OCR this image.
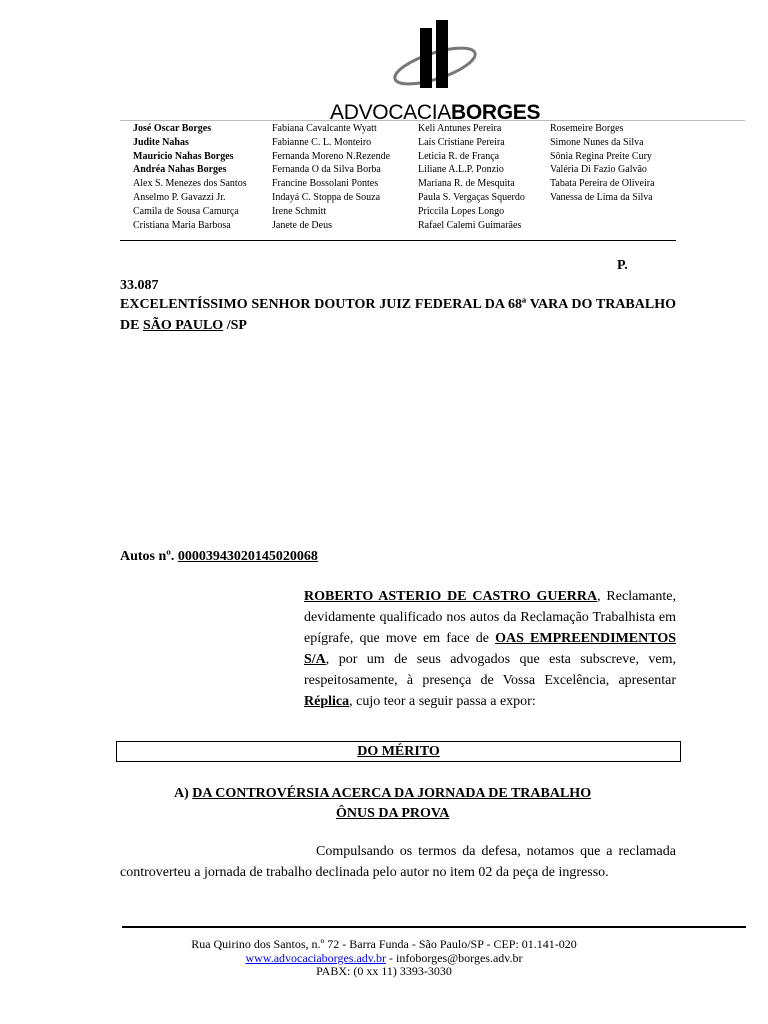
ADVOCACIABORGES
José Oscar Borges
Judite Nahas
Mauricio Nahas Borges
Andréa Nahas Borges
Alex S. Menezes dos Santos
Anselmo P. Gavazzi Jr.
Camila de Sousa Camurça
Cristiana Maria Barbosa
Fabiana Cavalcante Wyatt
Fabianne C. L. Monteiro
Fernanda Moreno N.Rezende
Fernanda O da Silva Borba
Francine Bossolani Pontes
Indayá C. Stoppa de Souza
Irene Schmitt
Janete de Deus
Keli Antunes Pereira
Laís Cristiane Pereira
Leticia R. de França
Liliane A.L.P. Ponzio
Mariana R. de Mesquita
Paula S. Vergaças Squerdo
Priccila Lopes Longo
Rafael Calemi Guimarães
Rosemeire Borges
Simone Nunes da Silva
Sônia Regina Preite Cury
Valéria Di Fazio Galvão
Tabata Pereira de Oliveira
Vanessa de Lima da Silva
P.
33.087
EXCELENTÍSSIMO SENHOR DOUTOR JUIZ FEDERAL DA 68ª VARA DO TRABALHO DE SÃO PAULO /SP
Autos nº. 00003943020145020068
ROBERTO ASTERIO DE CASTRO GUERRA, Reclamante, devidamente qualificado nos autos da Reclamação Trabalhista em epígrafe, que move em face de OAS EMPREENDIMENTOS S/A, por um de seus advogados que esta subscreve, vem, respeitosamente, à presença de Vossa Excelência, apresentar Réplica, cujo teor a seguir passa a expor:
DO MÉRITO
A) DA CONTROVÉRSIA ACERCA DA JORNADA DE TRABALHO
ÔNUS DA PROVA
Compulsando os termos da defesa, notamos que a reclamada controverteu a jornada de trabalho declinada pelo autor no item 02 da peça de ingresso.
Rua Quirino dos Santos, n.º 72 - Barra Funda - São Paulo/SP - CEP: 01.141-020
www.advocaciaborges.adv.br - infoborges@borges.adv.br
PABX: (0 xx 11) 3393-3030
